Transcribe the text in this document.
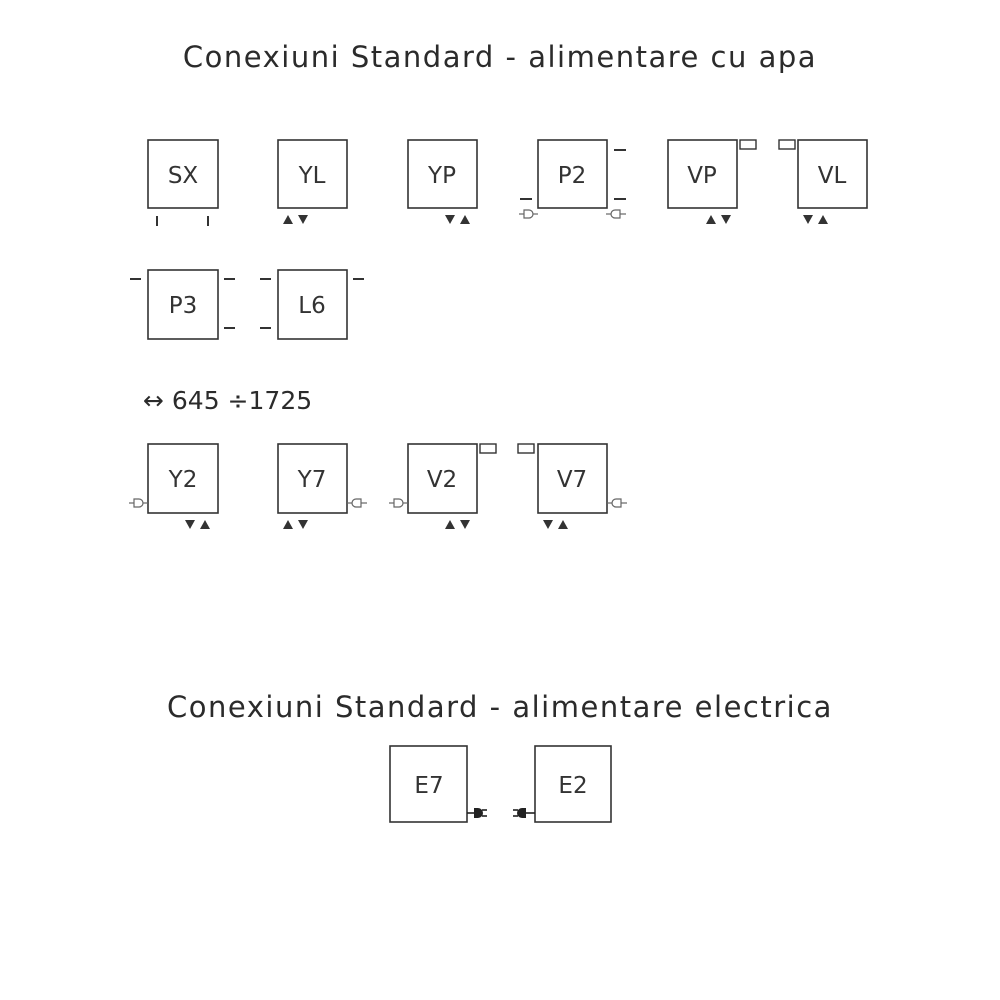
Conexiuni Standard - alimentare cu apa
SX	YL	YP	P2	VP	VL
P3	L6
Y2	Y7	V2	V7
E7	E2
↔ 645 ÷1725
Conexiuni Standard - alimentare electrica
